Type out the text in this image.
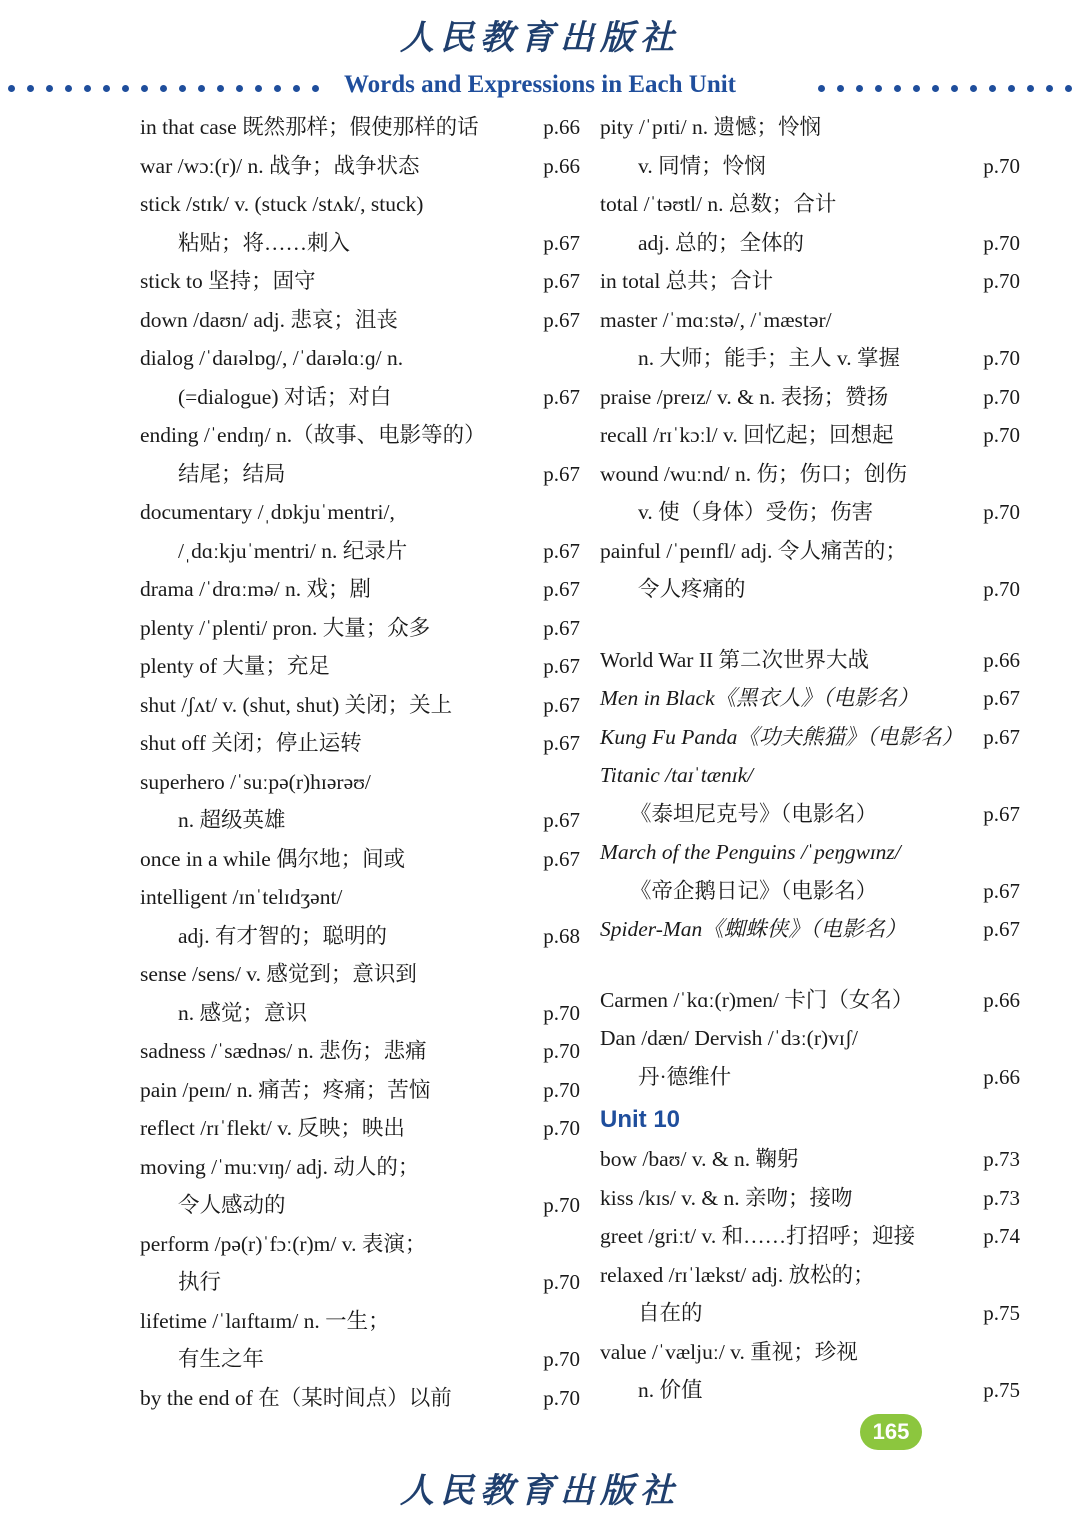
人民教育出版社
Words and Expressions in Each Unit
in that case 既然那样；假使那样的话	p.66
war /wɔː(r)/ n. 战争；战争状态	p.66
stick /stɪk/ v. (stuck /stʌk/, stuck)
粘贴；将……刺入	p.67
stick to 坚持；固守	p.67
down /daʊn/ adj. 悲哀；沮丧	p.67
dialog /ˈdaɪəlɒɡ/, /ˈdaɪəlɑːɡ/ n.
(=dialogue) 对话；对白	p.67
ending /ˈendɪŋ/ n.（故事、电影等的）
结尾；结局	p.67
documentary /ˌdɒkjuˈmentri/,
/ˌdɑːkjuˈmentri/ n. 纪录片	p.67
drama /ˈdrɑːmə/ n. 戏；剧	p.67
plenty /ˈplenti/ pron. 大量；众多	p.67
plenty of 大量；充足	p.67
shut /ʃʌt/ v. (shut, shut) 关闭；关上	p.67
shut off 关闭；停止运转	p.67
superhero /ˈsuːpə(r)hɪərəʊ/
n. 超级英雄	p.67
once in a while 偶尔地；间或	p.67
intelligent /ɪnˈtelɪdʒənt/
adj. 有才智的；聪明的	p.68
sense /sens/ v. 感觉到；意识到
n. 感觉；意识	p.70
sadness /ˈsædnəs/ n. 悲伤；悲痛	p.70
pain /peɪn/ n. 痛苦；疼痛；苦恼	p.70
reflect /rɪˈflekt/ v. 反映；映出	p.70
moving /ˈmuːvɪŋ/ adj. 动人的；
令人感动的	p.70
perform /pə(r)ˈfɔː(r)m/ v. 表演；
执行	p.70
lifetime /ˈlaɪftaɪm/ n. 一生；
有生之年	p.70
by the end of 在（某时间点）以前	p.70
pity /ˈpɪti/ n. 遗憾；怜悯
v. 同情；怜悯	p.70
total /ˈtəʊtl/ n. 总数；合计
adj. 总的；全体的	p.70
in total 总共；合计	p.70
master /ˈmɑːstə/, /ˈmæstər/
n. 大师；能手；主人 v. 掌握	p.70
praise /preɪz/ v. & n. 表扬；赞扬	p.70
recall /rɪˈkɔːl/ v. 回忆起；回想起	p.70
wound /wuːnd/ n. 伤；伤口；创伤
v. 使（身体）受伤；伤害	p.70
painful /ˈpeɪnfl/ adj. 令人痛苦的；
令人疼痛的	p.70
World War II 第二次世界大战	p.66
Men in Black《黑衣人》（电影名）	p.67
Kung Fu Panda《功夫熊猫》（电影名） p.67
Titanic /taɪˈtænɪk/
《泰坦尼克号》（电影名）	p.67
March of the Penguins /ˈpeŋgwɪnz/
《帝企鹅日记》（电影名）	p.67
Spider-Man《蜘蛛侠》（电影名）	p.67
Carmen /ˈkɑː(r)men/ 卡门（女名）	p.66
Dan /dæn/ Dervish /ˈdɜː(r)vɪʃ/
丹·德维什	p.66
Unit 10
bow /baʊ/ v. & n. 鞠躬	p.73
kiss /kɪs/ v. & n. 亲吻；接吻	p.73
greet /griːt/ v. 和……打招呼；迎接	p.74
relaxed /rɪˈlækst/ adj. 放松的；
自在的	p.75
value /ˈvæljuː/ v. 重视；珍视
n. 价值	p.75
165
人民教育出版社
